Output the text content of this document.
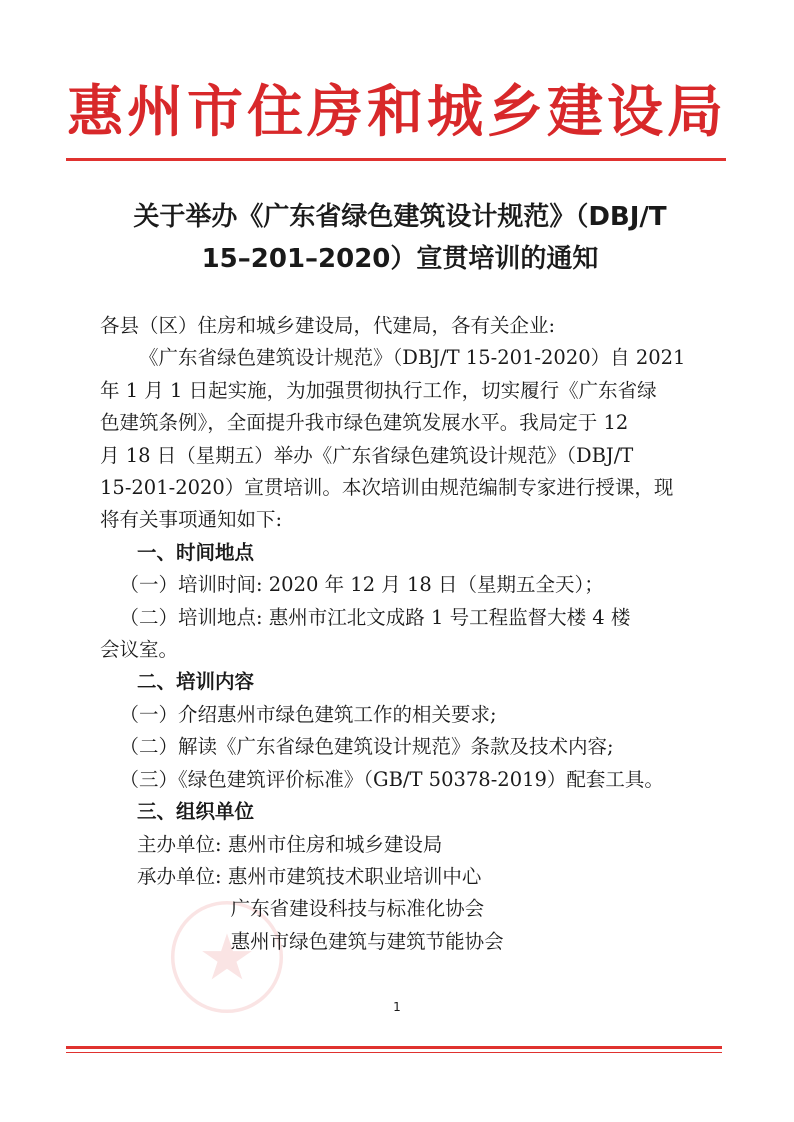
惠州市住房和城乡建设局
关于举办《广东省绿色建筑设计规范》（DBJ/T
15–201–2020）宣贯培训的通知

各县（区）住房和城乡建设局，代建局，各有关企业:

《广东省绿色建筑设计规范》（DBJ/T 15-201-2020）自 2021

年 1 月 1 日起实施，为加强贯彻执行工作，切实履行《广东省绿

色建筑条例》，全面提升我市绿色建筑发展水平。我局定于 12

月 18 日（星期五）举办《广东省绿色建筑设计规范》（DBJ/T

15-201-2020）宣贯培训。本次培训由规范编制专家进行授课，现

将有关事项通知如下:

一、时间地点

（一）培训时间: 2020 年 12 月 18 日（星期五全天）；

（二）培训地点: 惠州市江北文成路 1 号工程监督大楼 4 楼

会议室。

二、培训内容

（一）介绍惠州市绿色建筑工作的相关要求;

（二）解读《广东省绿色建筑设计规范》条款及技术内容;

（三）《绿色建筑评价标准》（GB/T 50378-2019）配套工具。

三、组织单位

主办单位: 惠州市住房和城乡建设局

承办单位: 惠州市建筑技术职业培训中心

广东省建设科技与标准化协会

惠州市绿色建筑与建筑节能协会

1
